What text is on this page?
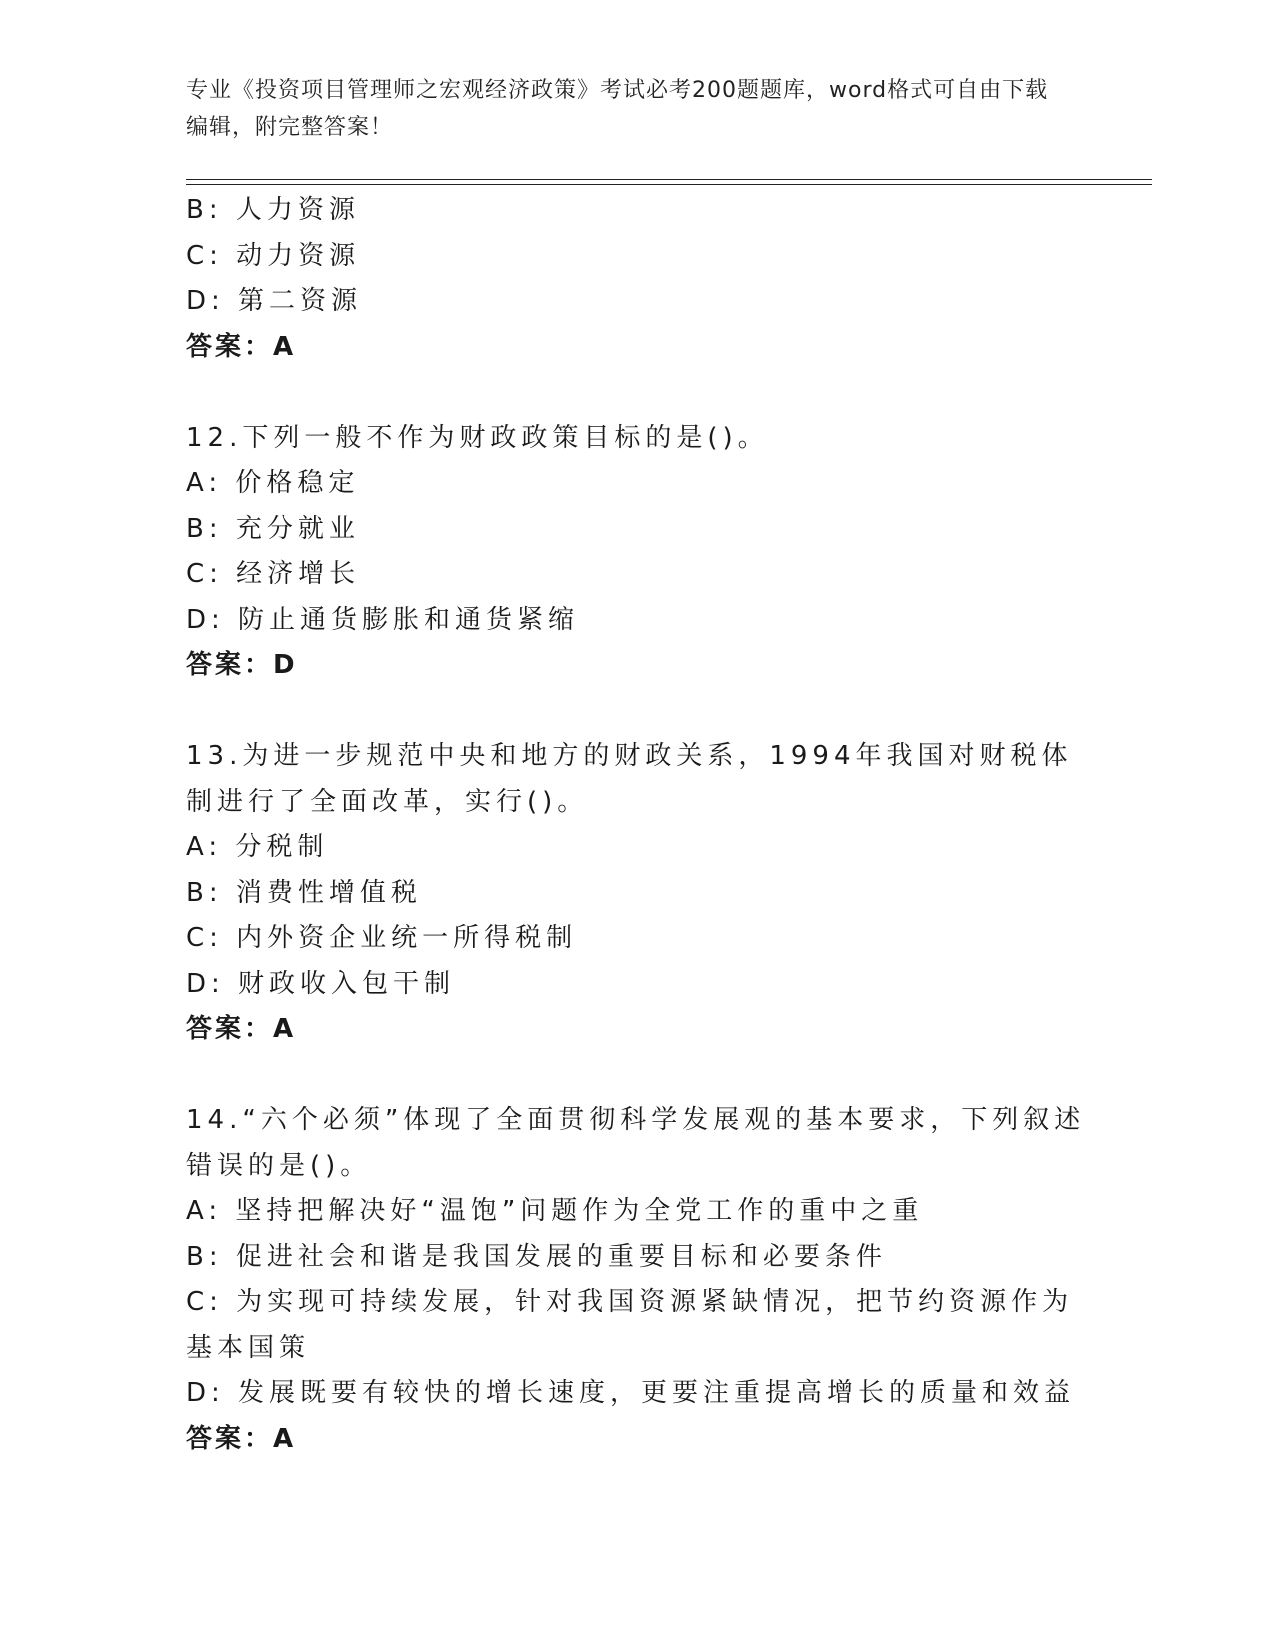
专业《投资项目管理师之宏观经济政策》考试必考200题题库，word格式可自由下载编辑，附完整答案！
B: 人力资源
C: 动力资源
D: 第二资源
答案：A
12.下列一般不作为财政政策目标的是()。
A: 价格稳定
B: 充分就业
C: 经济增长
D: 防止通货膨胀和通货紧缩
答案：D
13.为进一步规范中央和地方的财政关系，1994年我国对财税体制进行了全面改革，实行()。
A: 分税制
B: 消费性增值税
C: 内外资企业统一所得税制
D: 财政收入包干制
答案：A
14.“六个必须”体现了全面贯彻科学发展观的基本要求，下列叙述错误的是()。
A: 坚持把解决好“温饱”问题作为全党工作的重中之重
B: 促进社会和谐是我国发展的重要目标和必要条件
C: 为实现可持续发展，针对我国资源紧缺情况，把节约资源作为基本国策
D: 发展既要有较快的增长速度，更要注重提高增长的质量和效益
答案：A
